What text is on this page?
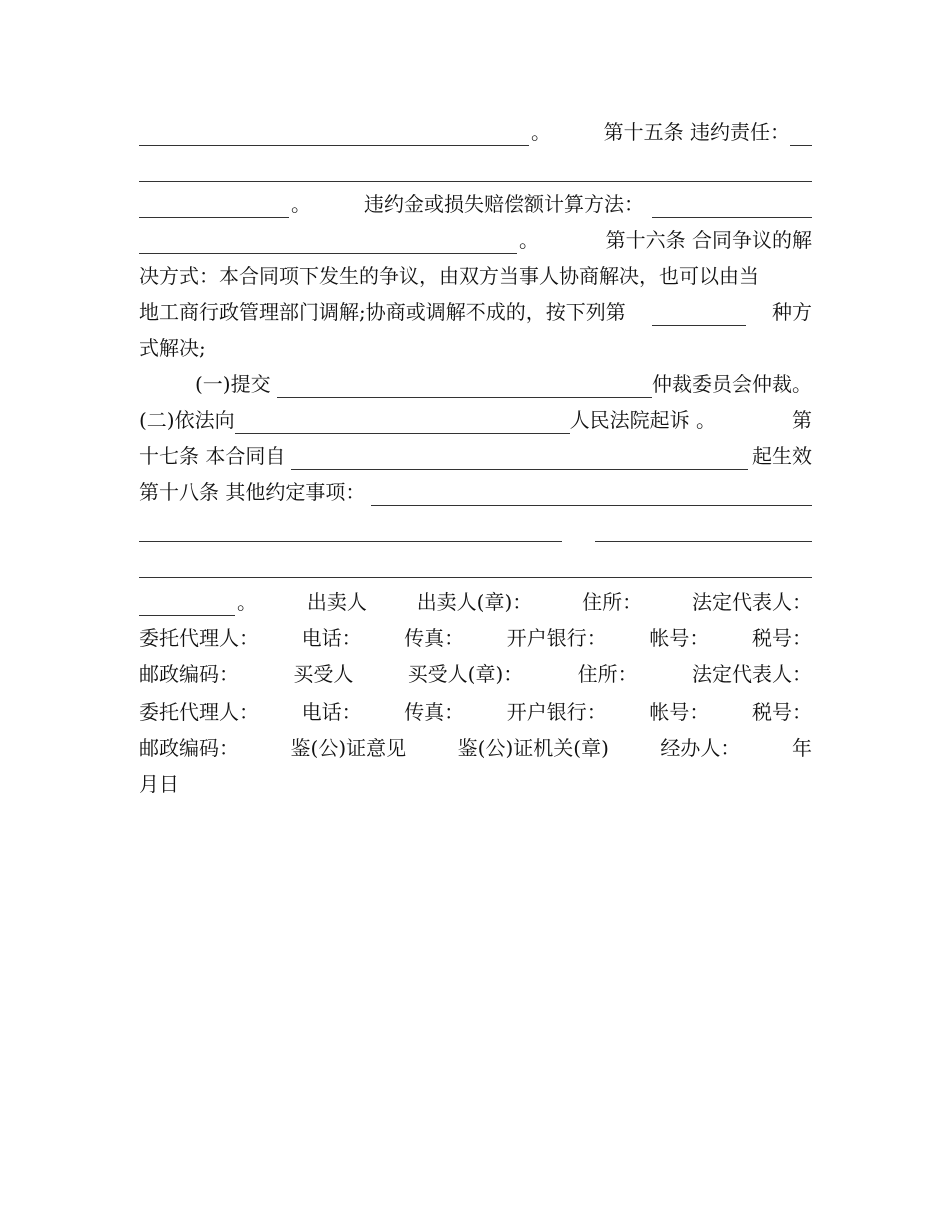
。	第十五条 违约责任：
。	违约金或损失赔偿额计算方法：
。	第十六条 合同争议的解
决方式：本合同项下发生的争议，由双方当事人协商解决，也可以由当
地工商行政管理部门调解;协商或调解不成的，按下列第	种方
式解决;
(一)提交	仲裁委员会仲裁。
(二)依法向	人民法院起诉 。	第
十七条 本合同自	起生效
第十八条 其他约定事项：
。 出卖人 出卖人(章)： 住所： 法定代表人：
委托代理人： 电话： 传真： 开户银行： 帐号： 税号：
邮政编码：	买受人	买受人(章)：	住所：	法定代表人：
委托代理人： 电话： 传真： 开户银行： 帐号： 税号：
邮政编码：	鉴(公)证意见	鉴(公)证机关(章)	经办人：	年
月日
